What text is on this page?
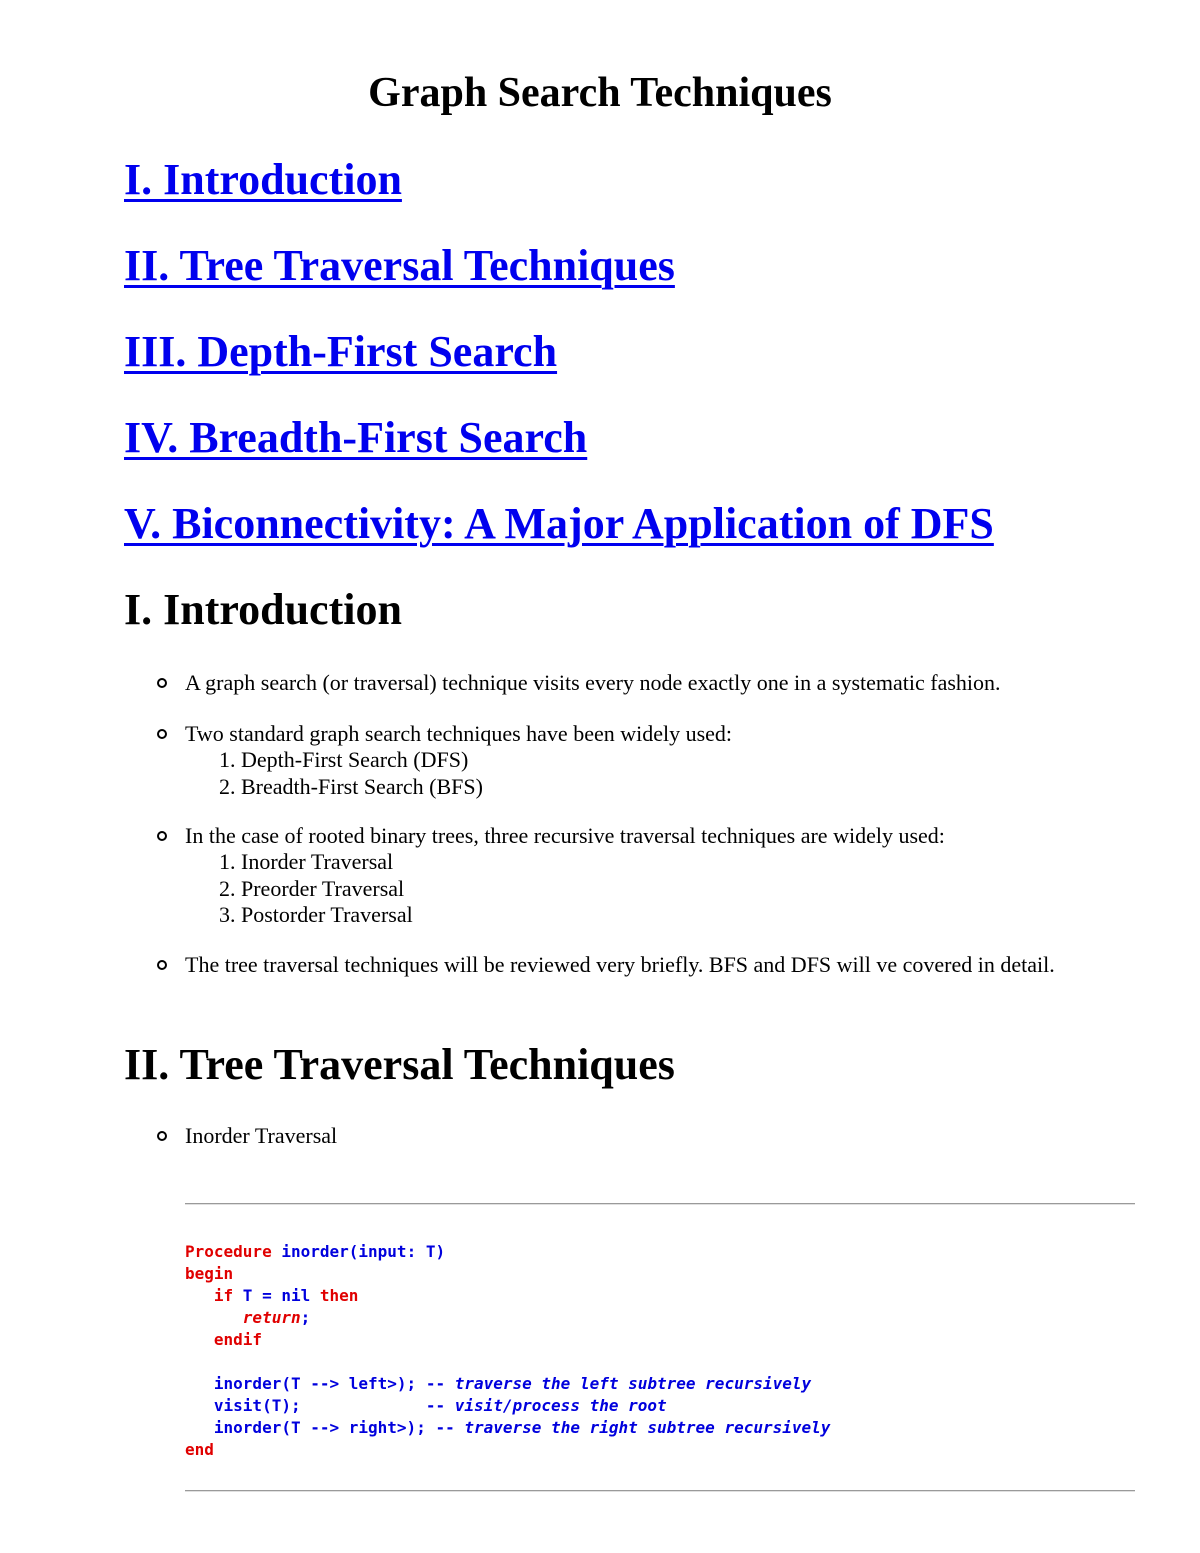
Graph Search Techniques
I. Introduction
II. Tree Traversal Techniques
III. Depth-First Search
IV. Breadth-First Search
V. Biconnectivity: A Major Application of DFS
I. Introduction
A graph search (or traversal) technique visits every node exactly one in a systematic fashion.
Two standard graph search techniques have been widely used:
1. Depth-First Search (DFS)
2. Breadth-First Search (BFS)
In the case of rooted binary trees, three recursive traversal techniques are widely used:
1. Inorder Traversal
2. Preorder Traversal
3. Postorder Traversal
The tree traversal techniques will be reviewed very briefly. BFS and DFS will ve covered in detail.
II. Tree Traversal Techniques
Inorder Traversal
Procedure inorder(input: T)
begin
if T = nil then
return;
endif
inorder(T --> left>); -- traverse the left subtree recursively
visit(T);             -- visit/process the root
inorder(T --> right>); -- traverse the right subtree recursively
end
